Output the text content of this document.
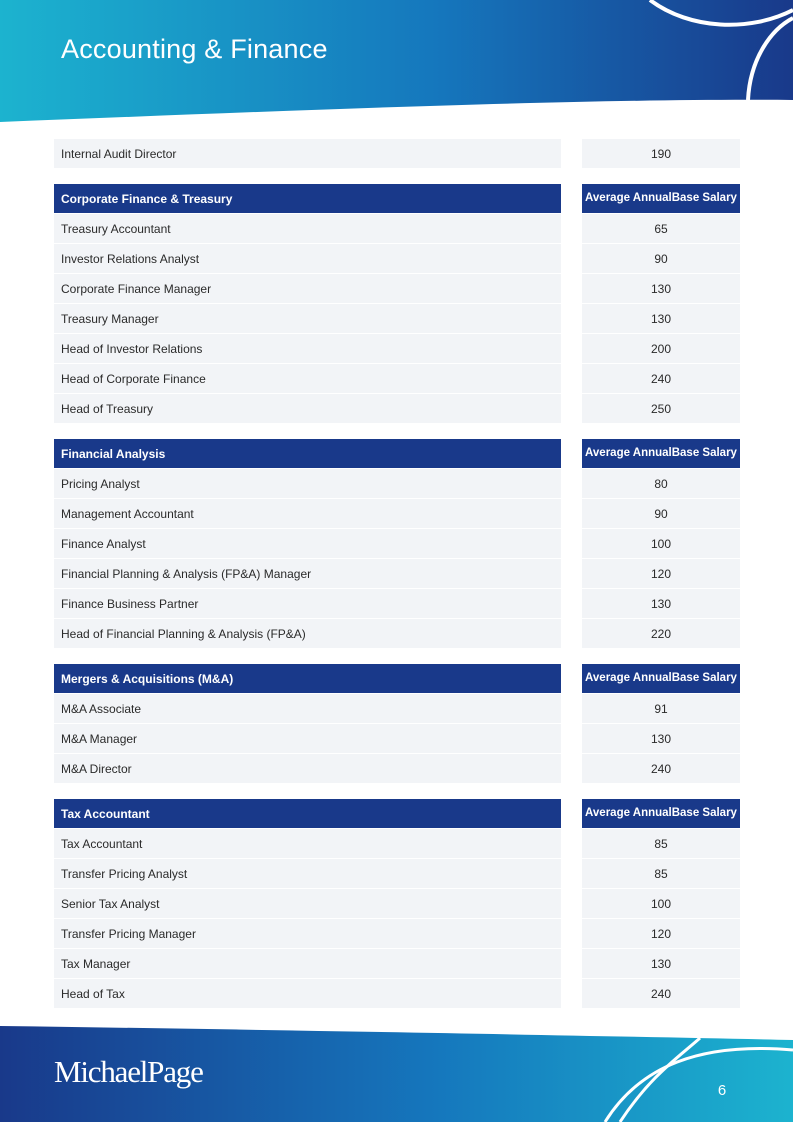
Accounting & Finance
Internal Audit Director	190
Corporate Finance & Treasury	Average Annual Base Salary
Treasury Accountant	65
Investor Relations Analyst	90
Corporate Finance Manager	130
Treasury Manager	130
Head of Investor Relations	200
Head of Corporate Finance	240
Head of Treasury	250
Financial Analysis	Average Annual Base Salary
Pricing Analyst	80
Management Accountant	90
Finance Analyst	100
Financial Planning & Analysis (FP&A) Manager	120
Finance Business Partner	130
Head of Financial Planning & Analysis (FP&A)	220
Mergers & Acquisitions (M&A)	Average Annual Base Salary
M&A Associate	91
M&A Manager	130
M&A Director	240
Tax Accountant	Average Annual Base Salary
Tax Accountant	85
Transfer Pricing Analyst	85
Senior Tax Analyst	100
Transfer Pricing Manager	120
Tax Manager	130
Head of Tax	240
MichaelPage
6
